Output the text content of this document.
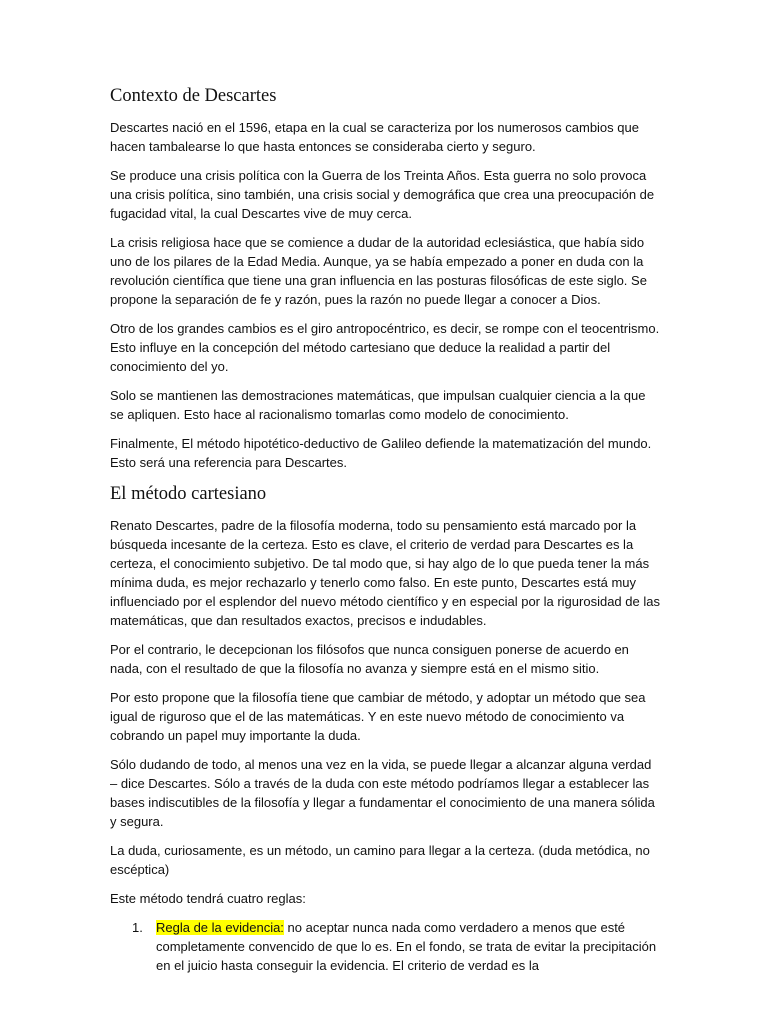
Contexto de Descartes

Descartes nació en el 1596, etapa en la cual se caracteriza por los numerosos cambios que hacen tambalearse lo que hasta entonces se consideraba cierto y seguro.

Se produce una crisis política con la Guerra de los Treinta Años. Esta guerra no solo provoca una crisis política, sino también, una crisis social y demográfica que crea una preocupación de fugacidad vital, la cual Descartes vive de muy cerca.

La crisis religiosa hace que se comience a dudar de la autoridad eclesiástica, que había sido uno de los pilares de la Edad Media. Aunque, ya se había empezado a poner en duda con la revolución científica que tiene una gran influencia en las posturas filosóficas de este siglo. Se propone la separación de fe y razón, pues la razón no puede llegar a conocer a Dios.

Otro de los grandes cambios es el giro antropocéntrico, es decir, se rompe con el teocentrismo. Esto influye en la concepción del método cartesiano que deduce la realidad a partir del conocimiento del yo.

Solo se mantienen las demostraciones matemáticas, que impulsan cualquier ciencia a la que se apliquen. Esto hace al racionalismo tomarlas como modelo de conocimiento.

Finalmente, El método hipotético-deductivo de Galileo defiende la matematización del mundo. Esto será una referencia para Descartes.

El método cartesiano

Renato Descartes, padre de la filosofía moderna, todo su pensamiento está marcado por la búsqueda incesante de la certeza. Esto es clave, el criterio de verdad para Descartes es la certeza, el conocimiento subjetivo. De tal modo que, si hay algo de lo que pueda tener la más mínima duda, es mejor rechazarlo y tenerlo como falso. En este punto, Descartes está muy influenciado por el esplendor del nuevo método científico y en especial por la rigurosidad de las matemáticas, que dan resultados exactos, precisos e indudables.

Por el contrario, le decepcionan los filósofos que nunca consiguen ponerse de acuerdo en nada, con el resultado de que la filosofía no avanza y siempre está en el mismo sitio.

Por esto propone que la filosofía tiene que cambiar de método, y adoptar un método que sea igual de riguroso que el de las matemáticas. Y en este nuevo método de conocimiento va cobrando un papel muy importante la duda.

Sólo dudando de todo, al menos una vez en la vida, se puede llegar a alcanzar alguna verdad – dice Descartes. Sólo a través de la duda con este método podríamos llegar a establecer las bases indiscutibles de la filosofía y llegar a fundamentar el conocimiento de una manera sólida y segura.

La duda, curiosamente, es un método, un camino para llegar a la certeza. (duda metódica, no escéptica)

Este método tendrá cuatro reglas:

1. Regla de la evidencia: no aceptar nunca nada como verdadero a menos que esté completamente convencido de que lo es. En el fondo, se trata de evitar la precipitación en el juicio hasta conseguir la evidencia. El criterio de verdad es la
